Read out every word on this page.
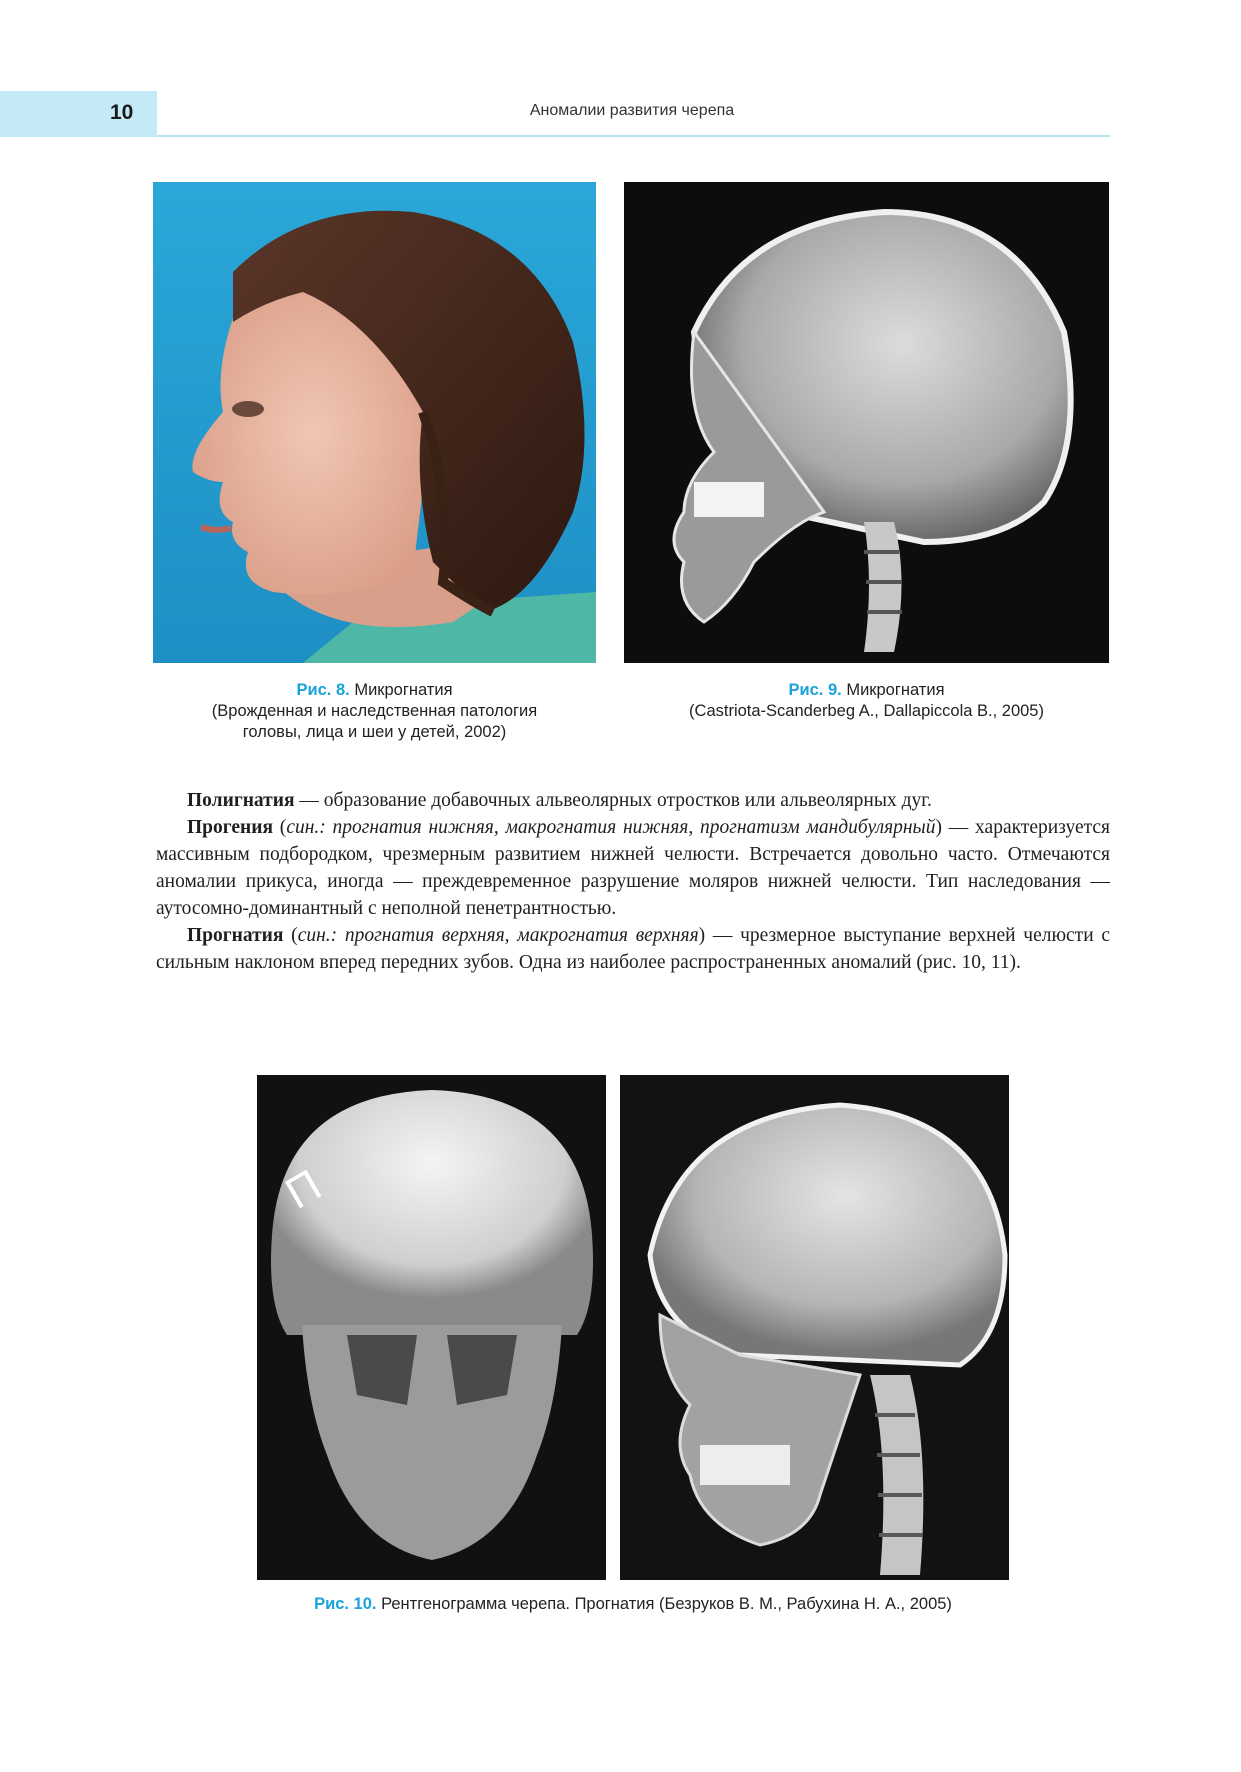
10	Аномалии развития черепа
Рис. 8. Микрогнатия
(Врожденная и наследственная патология
головы, лица и шеи у детей, 2002)
Рис. 9. Микрогнатия
(Castriota-Scanderbeg A., Dallapiccola B., 2005)

Полигнатия — образование добавочных альвеолярных отростков или альвеолярных дуг.

Прогения (син.: прогнатия нижняя, макрогнатия нижняя, прогнатизм мандибулярный) — характеризуется массивным подбородком, чрезмерным развитием нижней челюсти. Встречается довольно часто. Отмечаются аномалии прикуса, иногда — преждевременное разрушение моляров нижней челюсти. Тип наследования — аутосомно-доминантный с неполной пенетрантностью.

Прогнатия (син.: прогнатия верхняя, макрогнатия верхняя) — чрезмерное выступание верхней челюсти с сильным наклоном вперед передних зубов. Одна из наиболее распространенных аномалий (рис. 10, 11).

П
Рис. 10. Рентгенограмма черепа. Прогнатия (Безруков В. М., Рабухина Н. А., 2005)
